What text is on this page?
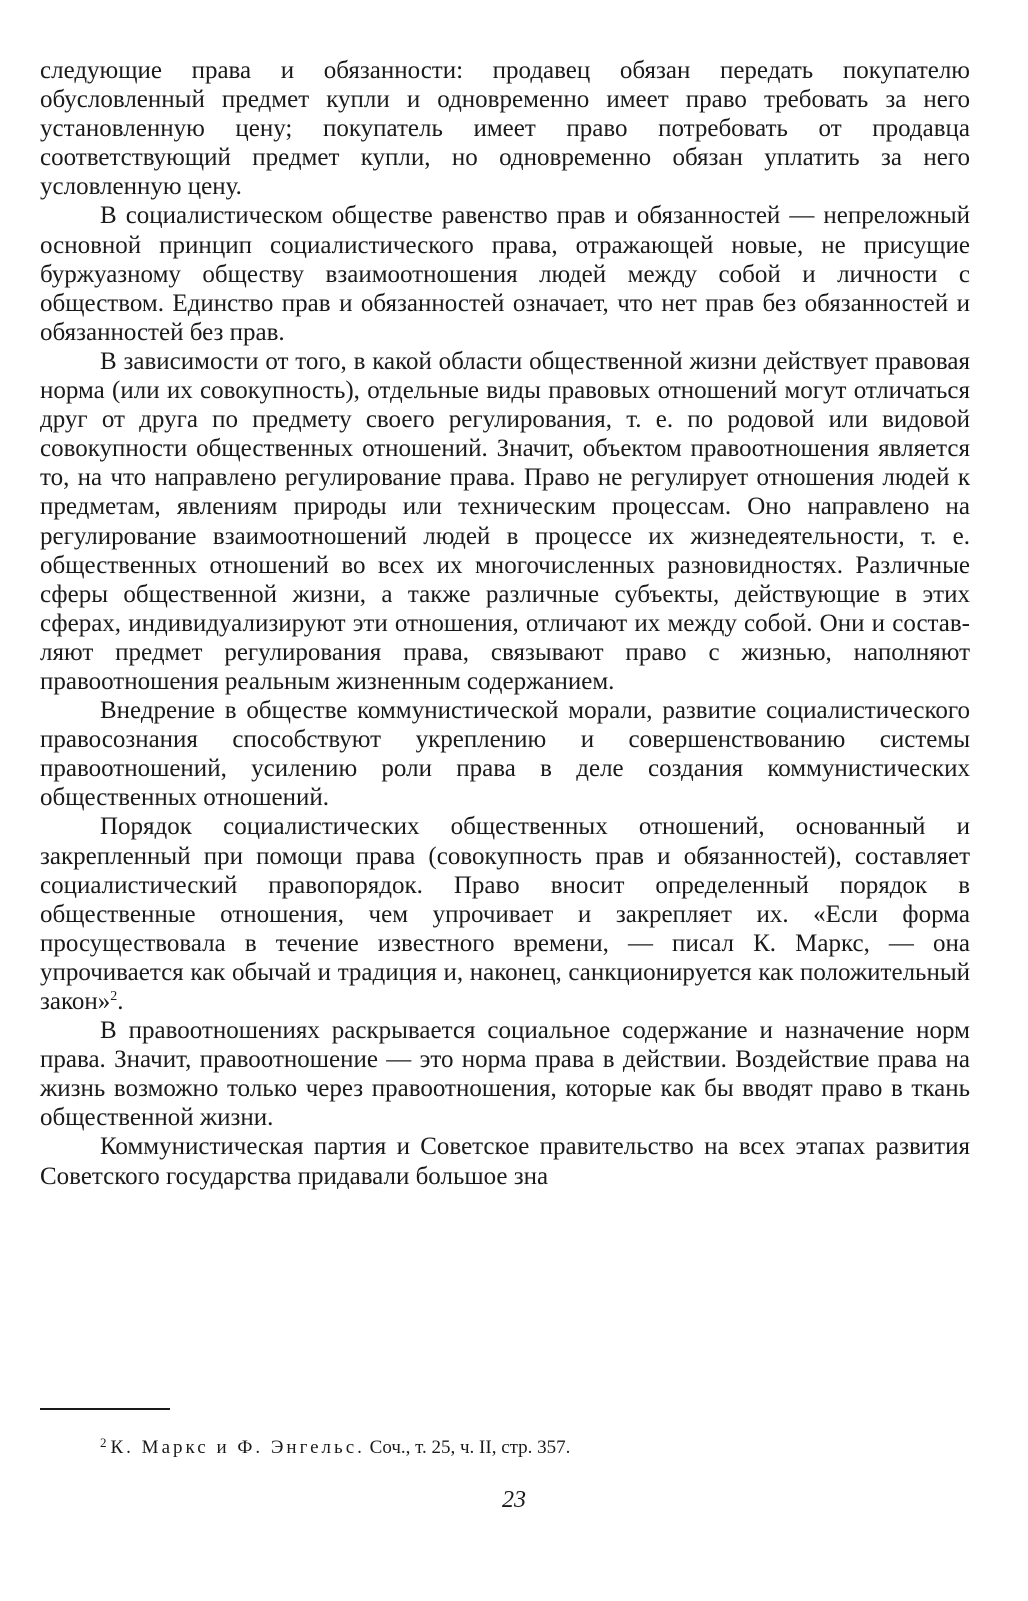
следующие права и обязанности: продавец обязан передать покупателю обусловленный предмет купли и одновременно имеет право требовать за него установленную цену; покупатель имеет право потребовать от продавца соответствующий предмет купли, но одновременно обязан уплатить за него условленную цену.

В социалистическом обществе равенство прав и обязанностей — непреложный основной принцип социалистического права, отражающей новые, не присущие буржуазному обществу взаимоотношения людей между собой и личности с обществом. Единство прав и обязанностей означает, что нет прав без обязанностей и обязанностей без прав.

В зависимости от того, в какой области общественной жизни действует правовая норма (или их совокупность), отдельные виды правовых отношений могут отличаться друг от друга по предмету своего регулирования, т. е. по родовой или видовой совокупности общественных отношений. Значит, объектом правоотношения является то, на что направлено регулирование права. Право не регулирует отношения людей к предметам, явлениям природы или техническим процессам. Оно направлено на регулирование взаимоотношений людей в процессе их жизнедеятельности, т. е. общественных отношений во всех их многочисленных разновидностях. Различные сферы общественной жизни, а также различные субъекты, действующие в этих сферах, индивидуализируют эти отношения, отличают их между собой. Они и составляют предмет регулирования права, связывают право с жизнью, наполняют правоотношения реальным жизненным содержанием.

Внедрение в обществе коммунистической морали, развитие социалистического правосознания способствуют укреплению и совершенствованию системы правоотношений, усилению роли права в деле создания коммунистических общественных отношений.

Порядок социалистических общественных отношений, основанный и закрепленный при помощи права (совокупность прав и обязанностей), составляет социалистический правопорядок. Право вносит определенный порядок в общественные отношения, чем упрочивает и закрепляет их. «Если форма просуществовала в течение известного времени, — писал К. Маркс, — она упрочивается как обычай и традиция и, наконец, санкционируется как положительный закон»$^2$.

В правоотношениях раскрывается социальное содержание и назначение норм права. Значит, правоотношение — это норма права в действии. Воздействие права на жизнь возможно только через правоотношения, которые как бы вводят право в ткань общественной жизни.

Коммунистическая партия и Советское правительство на всех этапах развития Советского государства придавали большое зна

$^2$ К. Маркс и Ф. Энгельс. Соч., т. 25, ч. II, стр. 357.
23
